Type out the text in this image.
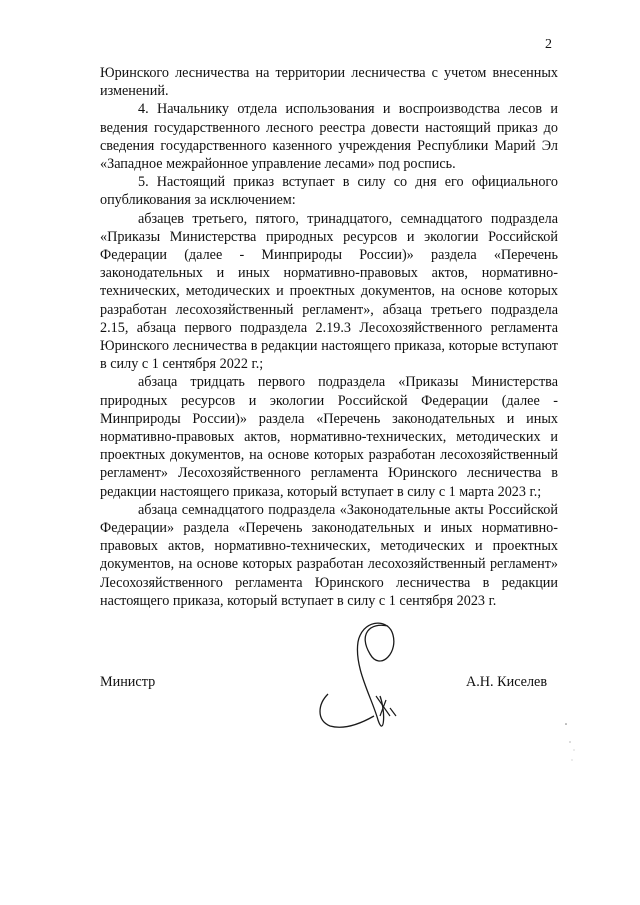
2

Юринского лесничества на территории лесничества с учетом внесенных изменений.

4. Начальнику отдела использования и воспроизводства лесов и ведения государственного лесного реестра довести настоящий приказ до сведения государственного казенного учреждения Республики Марий Эл «Западное межрайонное управление лесами» под роспись.

5. Настоящий приказ вступает в силу со дня его официального опубликования за исключением:

абзацев третьего, пятого, тринадцатого, семнадцатого подраздела «Приказы Министерства природных ресурсов и экологии Российской Федерации (далее - Минприроды России)» раздела «Перечень законодательных и иных нормативно-правовых актов, нормативно-технических, методических и проектных документов, на основе которых разработан лесохозяйственный регламент», абзаца третьего подраздела 2.15, абзаца первого подраздела 2.19.3 Лесохозяйственного регламента Юринского лесничества в редакции настоящего приказа, которые вступают в силу с 1 сентября 2022 г.;

абзаца тридцать первого подраздела «Приказы Министерства природных ресурсов и экологии Российской Федерации (далее - Минприроды России)» раздела «Перечень законодательных и иных нормативно-правовых актов, нормативно-технических, методических и проектных документов, на основе которых разработан лесохозяйственный регламент» Лесохозяйственного регламента Юринского лесничества в редакции настоящего приказа, который вступает в силу с 1 марта 2023 г.;

абзаца семнадцатого подраздела «Законодательные акты Российской Федерации» раздела «Перечень законодательных и иных нормативно-правовых актов, нормативно-технических, методических и проектных документов, на основе которых разработан лесохозяйственный регламент» Лесохозяйственного регламента Юринского лесничества в редакции настоящего приказа, который вступает в силу с 1 сентября 2023 г.

Министр	А.Н. Киселев
